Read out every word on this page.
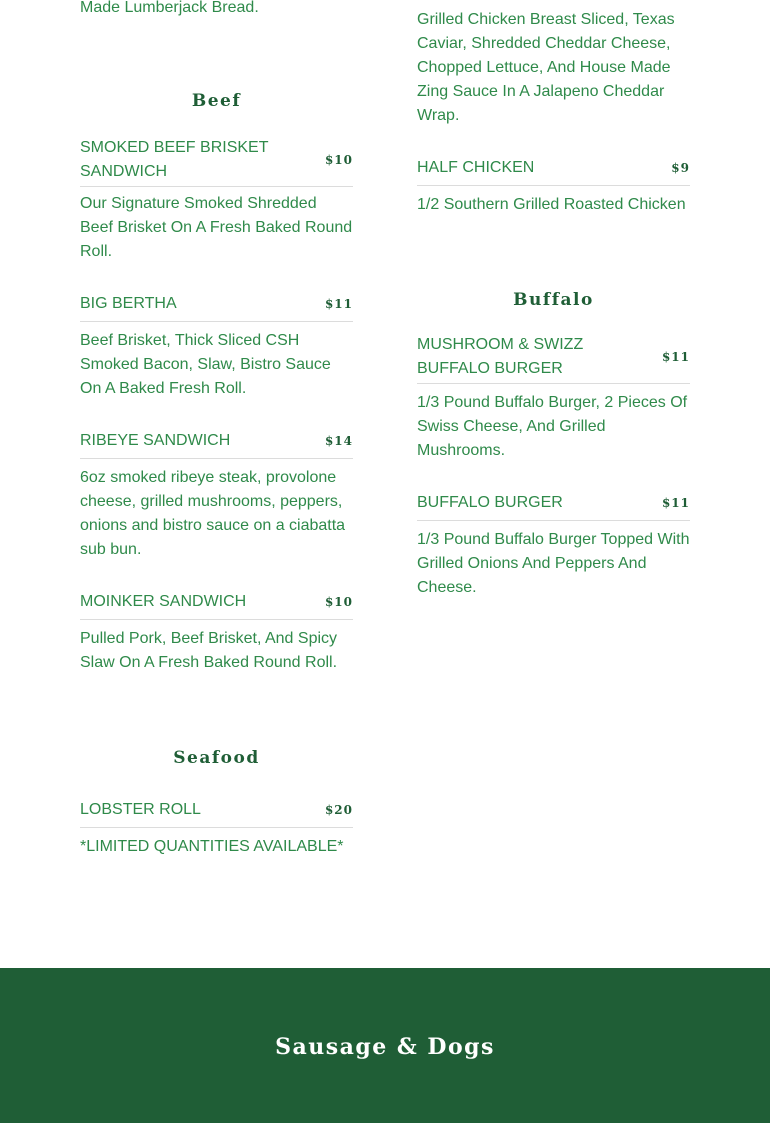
Made Lumberjack Bread.

Beef
SMOKED BEEF BRISKET SANDWICH
$10

Our Signature Smoked Shredded Beef Brisket On A Fresh Baked Round Roll.

BIG BERTHA	$11

Beef Brisket, Thick Sliced CSH Smoked Bacon, Slaw, Bistro Sauce On A Baked Fresh Roll.

RIBEYE SANDWICH	$14

6oz smoked ribeye steak, provolone cheese, grilled mushrooms, peppers, onions and bistro sauce on a ciabatta sub bun.

MOINKER SANDWICH	$10

Pulled Pork, Beef Brisket, And Spicy Slaw On A Fresh Baked Round Roll.

Seafood
LOBSTER ROLL	$20

*LIMITED QUANTITIES AVAILABLE*

Grilled Chicken Breast Sliced, Texas Caviar, Shredded Cheddar Cheese, Chopped Lettuce, And House Made Zing Sauce In A Jalapeno Cheddar Wrap.

HALF CHICKEN	$9

1/2 Southern Grilled Roasted Chicken

Buffalo
MUSHROOM & SWIZZ BUFFALO BURGER
$11

1/3 Pound Buffalo Burger, 2 Pieces Of Swiss Cheese, And Grilled Mushrooms.

BUFFALO BURGER	$11

1/3 Pound Buffalo Burger Topped With Grilled Onions And Peppers And Cheese.

Sausage & Dogs
